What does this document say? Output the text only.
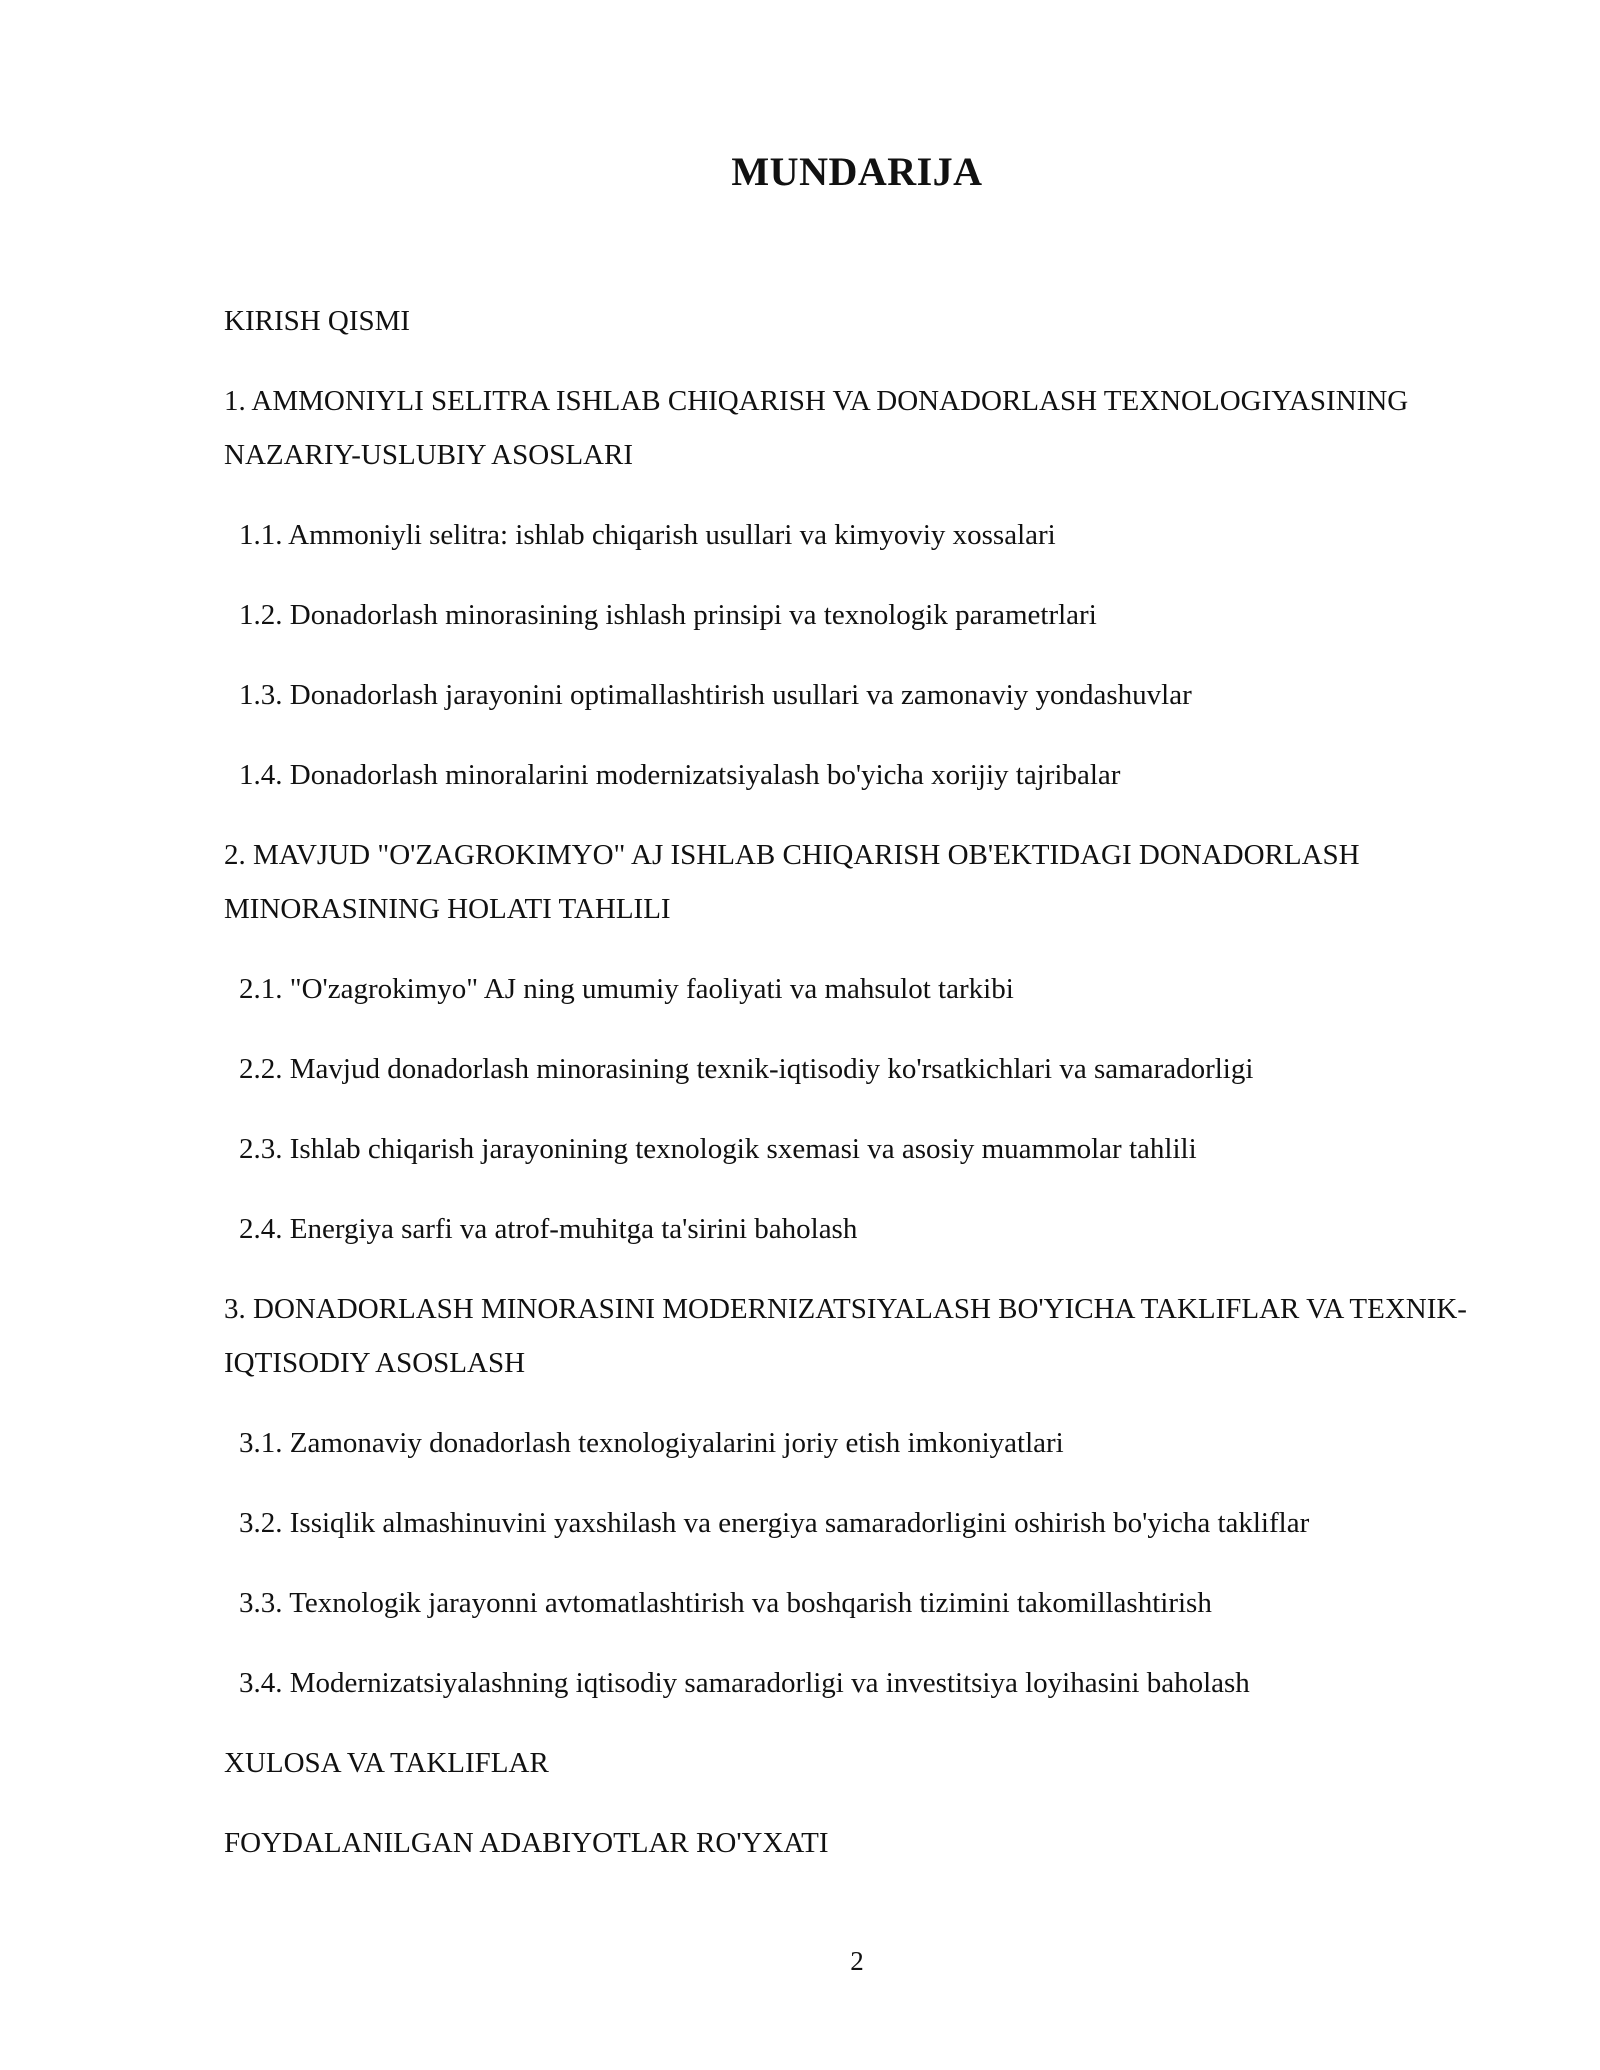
MUNDARIJA
KIRISH QISMI
1. AMMONIYLI SELITRA ISHLAB CHIQARISH VA DONADORLASH TEXNOLOGIYASINING NAZARIY-USLUBIY ASOSLARI
1.1. Ammoniyli selitra: ishlab chiqarish usullari va kimyoviy xossalari
1.2. Donadorlash minorasining ishlash prinsipi va texnologik parametrlari
1.3. Donadorlash jarayonini optimallashtirish usullari va zamonaviy yondashuvlar
1.4. Donadorlash minoralarini modernizatsiyalash bo'yicha xorijiy tajribalar
2. MAVJUD "O'ZAGROKIMYO" AJ ISHLAB CHIQARISH OB'EKTIDAGI DONADORLASH MINORASINING HOLATI TAHLILI
2.1. "O'zagrokimyo" AJ ning umumiy faoliyati va mahsulot tarkibi
2.2. Mavjud donadorlash minorasining texnik-iqtisodiy ko'rsatkichlari va samaradorligi
2.3. Ishlab chiqarish jarayonining texnologik sxemasi va asosiy muammolar tahlili
2.4. Energiya sarfi va atrof-muhitga ta'sirini baholash
3. DONADORLASH MINORASINI MODERNIZATSIYALASH BO'YICHA TAKLIFLAR VA TEXNIK-IQTISODIY ASOSLASH
3.1. Zamonaviy donadorlash texnologiyalarini joriy etish imkoniyatlari
3.2. Issiqlik almashinuvini yaxshilash va energiya samaradorligini oshirish bo'yicha takliflar
3.3. Texnologik jarayonni avtomatlashtirish va boshqarish tizimini takomillashtirish
3.4. Modernizatsiyalashning iqtisodiy samaradorligi va investitsiya loyihasini baholash
XULOSA VA TAKLIFLAR
FOYDALANILGAN ADABIYOTLAR RO'YXATI
2
